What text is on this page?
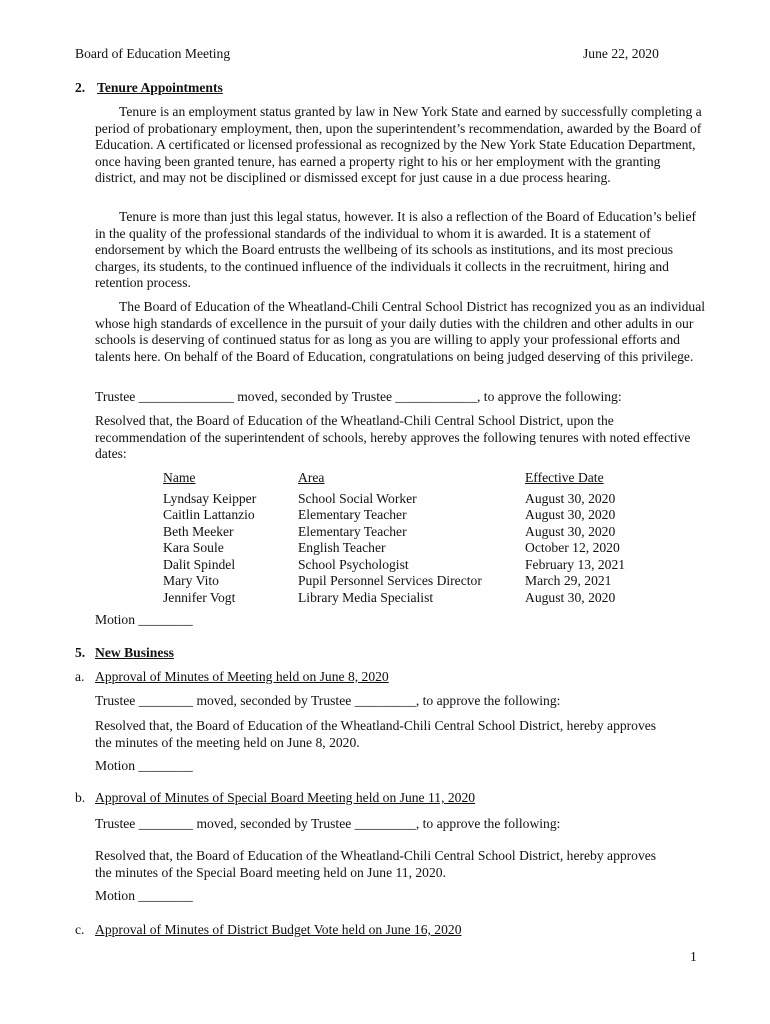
Board of Education Meeting	June 22, 2020
2. Tenure Appointments

Tenure is an employment status granted by law in New York State and earned by successfully completing a period of probationary employment, then, upon the superintendent’s recommendation, awarded by the Board of Education. A certificated or licensed professional as recognized by the New York State Education Department, once having been granted tenure, has earned a property right to his or her employment with the granting district, and may not be disciplined or dismissed except for just cause in a due process hearing.

Tenure is more than just this legal status, however. It is also a reflection of the Board of Education’s belief in the quality of the professional standards of the individual to whom it is awarded. It is a statement of endorsement by which the Board entrusts the wellbeing of its schools as institutions, and its most precious charges, its students, to the continued influence of the individuals it collects in the recruitment, hiring and retention process.

The Board of Education of the Wheatland-Chili Central School District has recognized you as an individual whose high standards of excellence in the pursuit of your daily duties with the children and other adults in our schools is deserving of continued status for as long as you are willing to apply your professional efforts and talents here. On behalf of the Board of Education, congratulations on being judged deserving of this privilege.

Trustee ______________ moved, seconded by Trustee ____________, to approve the following:

Resolved that, the Board of Education of the Wheatland-Chili Central School District, upon the recommendation of the superintendent of schools, hereby approves the following tenures with noted effective dates:

Name
Lyndsay Keipper
Caitlin Lattanzio
Beth Meeker
Kara Soule
Dalit Spindel
Mary Vito
Jennifer Vogt
Area
School Social Worker
Elementary Teacher
Elementary Teacher
English Teacher
School Psychologist
Pupil Personnel Services Director
Library Media Specialist
Effective Date
August 30, 2020
August 30, 2020
August 30, 2020
October 12, 2020
February 13, 2021
March 29, 2021
August 30, 2020
Motion ________
5. New Business
a. Approval of Minutes of Meeting held on June 8, 2020
Trustee ________ moved, seconded by Trustee _________, to approve the following:

Resolved that, the Board of Education of the Wheatland-Chili Central School District, hereby approves the minutes of the meeting held on June 8, 2020.

Motion ________
b. Approval of Minutes of Special Board Meeting held on June 11, 2020
Trustee ________ moved, seconded by Trustee _________, to approve the following:

Resolved that, the Board of Education of the Wheatland-Chili Central School District, hereby approves the minutes of the Special Board meeting held on June 11, 2020.

Motion ________
c. Approval of Minutes of District Budget Vote held on June 16, 2020
1
